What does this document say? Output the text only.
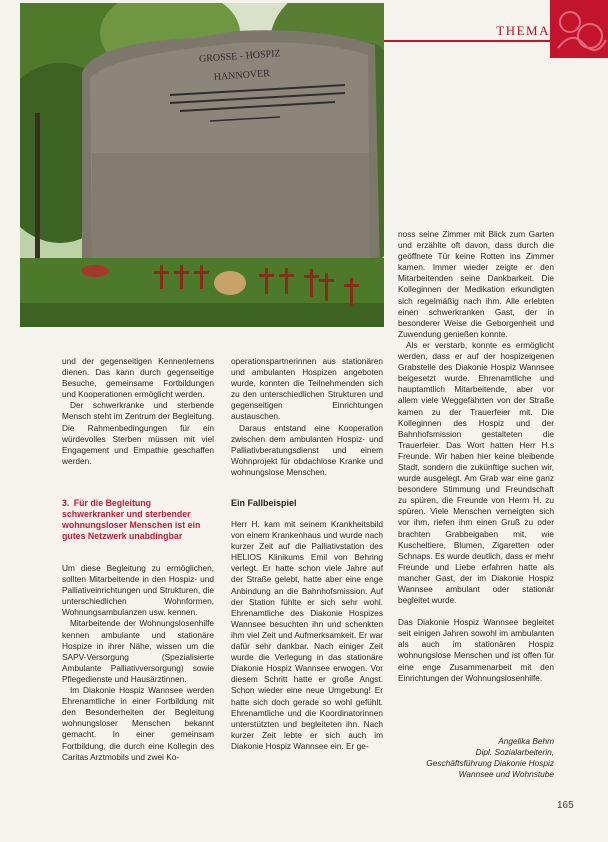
GROSSE - HOSPIZ
HANNOVER
THEMA

und der gegenseitigen Kennenlernens dienen. Das kann durch gegenseitige Besuche, gemeinsame Fortbildungen und Kooperationen ermöglicht werden.

Der schwerkranke und sterbende Mensch steht im Zentrum der Begleitung. Die Rahmenbedingungen für ein würdevolles Sterben müssen mit viel Engagement und Empathie geschaffen werden.

3. Für die Begleitung schwerkranker und sterbender wohnungsloser Menschen ist ein gutes Netzwerk unabdingbar

Um diese Begleitung zu ermöglichen, sollten Mitarbeitende in den Hospiz- und Palliativeinrichtungen und Strukturen, die unterschiedlichen Wohnformen, Wohnungsambulanzen usw. kennen.

Mitarbeitende der Wohnungslosenhilfe kennen ambulante und stationäre Hospize in ihrer Nähe, wissen um die SAPV-Versorgung (Spezialisierte Ambulante Palliativversorgung) sowie Pflegedienste und Hausärztinnen.

Im Diakonie Hospiz Wannsee werden Ehrenamtliche in einer Fortbildung mit den Besonderheiten der Begleitung wohnungsloser Menschen bekannt gemacht. In einer gemeinsam Fortbildung, die durch eine Kollegin des Caritas Arztmobils und zwei Ko-

operationspartnerinnen aus stationären und ambulanten Hospizen angeboten wurde, konnten die Teilnehmenden sich zu den unterschiedlichen Strukturen und gegenseitigen Einrichtungen austauschen.

Daraus entstand eine Kooperation zwischen dem ambulanten Hospiz- und Palliativberatungsdienst und einem Wohnprojekt für obdachlose Kranke und wohnungslose Menschen.

Ein Fallbeispiel

Herr H. kam mit seinem Krankheitsbild von einem Krankenhaus und wurde nach kurzer Zeit auf die Palliativstation des HELIOS Klinikums Emil von Behring verlegt. Er hatte schon viele Jahre auf der Straße gelebt, hatte aber eine enge Anbindung an die Bahnhofsmission. Auf der Station fühlte er sich sehr wohl. Ehrenamtliche des Diakonie Hospizes Wannsee besuchten ihn und schenkten ihm viel Zeit und Aufmerksamkeit. Er war dafür sehr dankbar. Nach einiger Zeit wurde die Verlegung in das stationäre Diakonie Hospiz Wannsee erwogen. Vor diesem Schritt hatte er große Angst. Schon wieder eine neue Umgebung! Er hatte sich doch gerade so wohl gefühlt. Ehrenamtliche und die Koordinatorinnen unterstützten und begleiteten ihn. Nach kurzer Zeit lebte er sich auch im Diakonie Hospiz Wannsee ein. Er ge-

noss seine Zimmer mit Blick zum Garten und erzählte oft davon, dass durch die geöffnete Tür keine Rotten ins Zimmer kamen. Immer wieder zeigte er den Mitarbeitenden seine Dankbarkeit. Die Kolleginnen der Medikation erkundigten sich regelmäßig nach ihm. Alle erlebten einen schwerkranken Gast, der in besonderer Weise die Geborgenheit und Zuwendung genießen konnte.

Als er verstarb, konnte es ermöglicht werden, dass er auf der hospizeigenen Grabstelle des Diakonie Hospiz Wannsee beigesetzt wurde. Ehrenamtliche und hauptamtlich Mitarbeitende, aber vor allem viele Weggefährten von der Straße kamen zu der Trauerfeier mit. Die Kolleginnen des Hospiz und der Bahnhofsmission gestalteten die Trauerfeier. Das Wort hatten Herr H.s Freunde. Wir haben hier keine bleibende Stadt, sondern die zukünftige suchen wir, wurde ausgelegt. Am Grab war eine ganz besondere Stimmung und Freundschaft zu spüren, die Freunde von Herrn H. zu spüren. Viele Menschen verneigten sich vor ihm, riefen ihm einen Gruß zu oder brachten Grabbeigaben mit, wie Kuscheltiere, Blumen, Zigaretten oder Schnaps. Es wurde deutlich, dass er mehr Freunde und Liebe erfahren hatte als mancher Gast, der im Diakonie Hospiz Wannsee ambulant oder stationär begleitet wurde.

Das Diakonie Hospiz Wannsee begleitet seit einigen Jahren sowohl im ambulanten als auch im stationären Hospiz wohnungslose Menschen und ist offen für eine enge Zusammenarbeit mit den Einrichtungen der Wohnungslosenhilfe.

Angelika Behm
Dipl. Sozialarbeiterin,
Geschäftsführung Diakonie Hospiz
Wannsee und Wohnstube
165
